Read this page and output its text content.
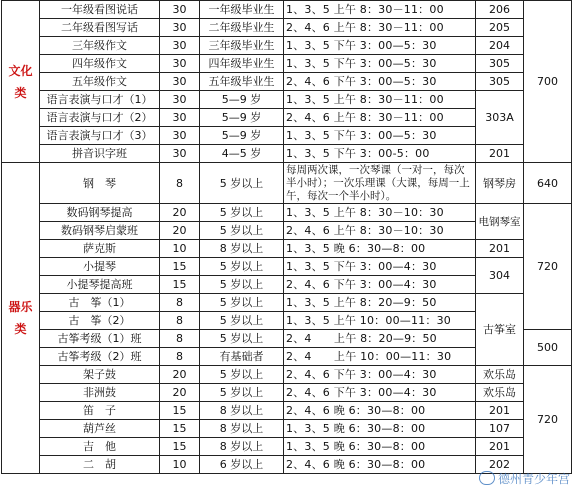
文化类	一年级看图说话	30	一年级毕业生	1、3、5 上午 8：30－11：00	206	700
	二年级看图写话	30	二年级毕业生	2、4、6 上午 8：30－11：00	205	
	三年级作文	30	三年级毕业生	1、3、5 下午 3：00—5：30	204	
	四年级作文	30	四年级毕业生	1、3、5 下午 3：00—5：30	305	
	五年级作文	30	五年级毕业生	2、4、6 下午 3：00—5：30	305	
	语言表演与口才（1）	30	5—9 岁	1、3、5 上午 8：30－11：00	303A	
	语言表演与口才（2）	30	5—9 岁	2、4、6 上午 8：30－11：00		
	语言表演与口才（3）	30	5—9 岁	1、3、5 下午 3：00—5：30		
	拼音识字班	30	4—5 岁	1、3、5 下午 3：00-5：00	201	
器乐类	钢　琴	8	5 岁以上	每周两次课，一次琴课（一对一，每次半小时）；一次乐理课（大课，每周一上午，每次一个半小时）。	钢琴房	640
	数码钢琴提高	20	5 岁以上	1、3、5 上午 8：30－10：30	电钢琴室	720
	数码钢琴启蒙班	20	5 岁以上	2、4、6 上午 8：30－10：30		
	萨克斯	10	8 岁以上	1、3、5 晚 6：30—8：00	201	
	小提琴	15	5 岁以上	1、3、5 下午 3：00—4：30	304	
	小提琴提高班	15	5 岁以上	2、4、6 下午 3：00—4：30		
	古　筝（1）	8	5 岁以上	1、3、5 上午 8：20—9：50	古筝室	
	古　筝（2）	8	5 岁以上	1、3、5 上午 10：00—11：30		
	古筝考级（1）班	8	5 岁以上	2、4　　上午 8：20—9：50		500
	古筝考级（2）班	8	有基础者	2、4　　上午 10：00—11：30		
	架子鼓	20	5 岁以上	2、4、6 下午 3：00—4：30	欢乐岛	720
	非洲鼓	20	5 岁以上	2、4、6 下午 3：00—4：30	欢乐岛	
	笛　子	15	8 岁以上	2、4、6 晚 6：30—8：00	201	
	葫芦丝	15	8 岁以上	1、3、5 晚 6：30—8：00	107	
	吉　他	15	8 岁以上	1、3、5 晚 6：30—8：00	201	
	二　胡	10	6 岁以上	2、4、6 晚 6：30—8：00	202	
德州青少年宫
